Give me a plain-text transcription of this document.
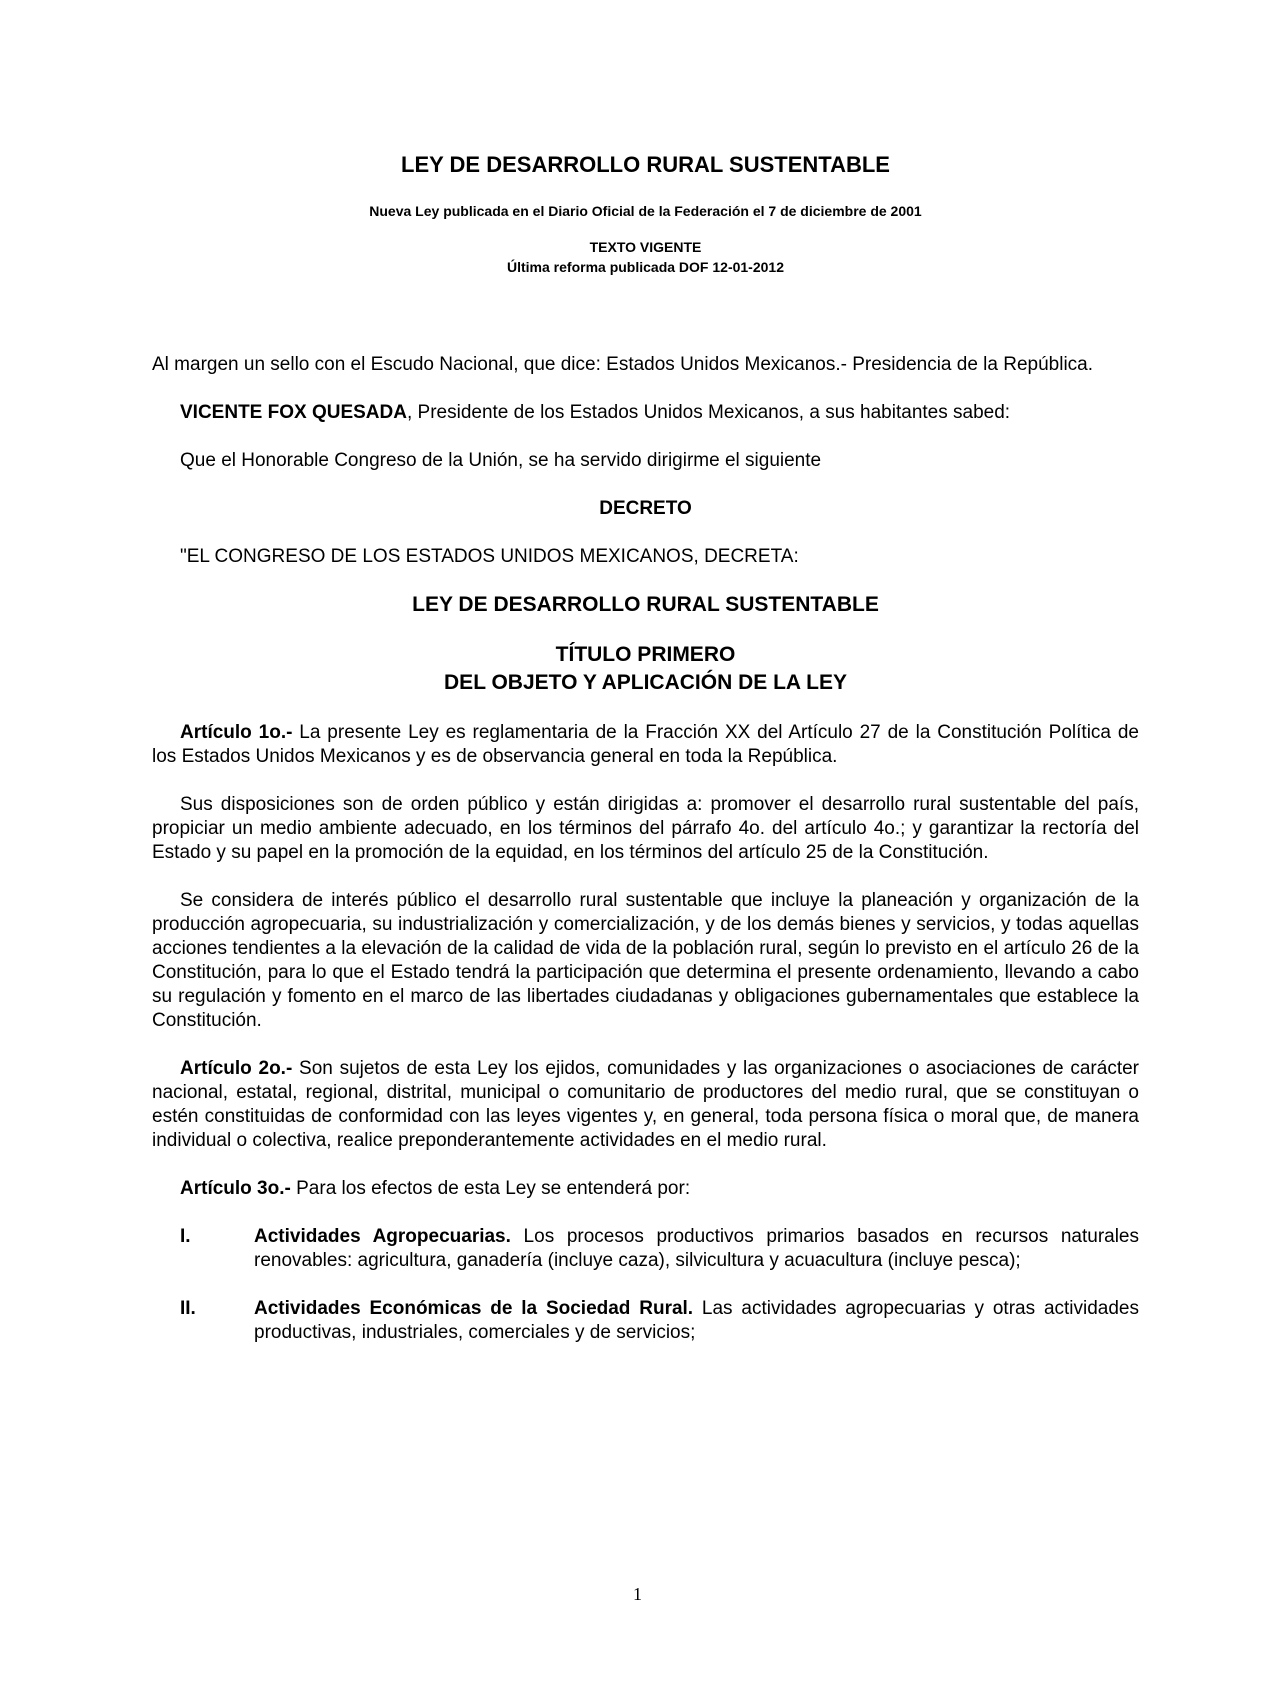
LEY DE DESARROLLO RURAL SUSTENTABLE
Nueva Ley publicada en el Diario Oficial de la Federación el 7 de diciembre de 2001
TEXTO VIGENTE
Última reforma publicada DOF 12-01-2012

Al margen un sello con el Escudo Nacional, que dice: Estados Unidos Mexicanos.- Presidencia de la República.

VICENTE FOX QUESADA, Presidente de los Estados Unidos Mexicanos, a sus habitantes sabed:

Que el Honorable Congreso de la Unión, se ha servido dirigirme el siguiente

DECRETO

"EL CONGRESO DE LOS ESTADOS UNIDOS MEXICANOS, DECRETA:

LEY DE DESARROLLO RURAL SUSTENTABLE
TÍTULO PRIMERO
DEL OBJETO Y APLICACIÓN DE LA LEY

Artículo 1o.- La presente Ley es reglamentaria de la Fracción XX del Artículo 27 de la Constitución Política de los Estados Unidos Mexicanos y es de observancia general en toda la República.

Sus disposiciones son de orden público y están dirigidas a: promover el desarrollo rural sustentable del país, propiciar un medio ambiente adecuado, en los términos del párrafo 4o. del artículo 4o.; y garantizar la rectoría del Estado y su papel en la promoción de la equidad, en los términos del artículo 25 de la Constitución.

Se considera de interés público el desarrollo rural sustentable que incluye la planeación y organización de la producción agropecuaria, su industrialización y comercialización, y de los demás bienes y servicios, y todas aquellas acciones tendientes a la elevación de la calidad de vida de la población rural, según lo previsto en el artículo 26 de la Constitución, para lo que el Estado tendrá la participación que determina el presente ordenamiento, llevando a cabo su regulación y fomento en el marco de las libertades ciudadanas y obligaciones gubernamentales que establece la Constitución.

Artículo 2o.- Son sujetos de esta Ley los ejidos, comunidades y las organizaciones o asociaciones de carácter nacional, estatal, regional, distrital, municipal o comunitario de productores del medio rural, que se constituyan o estén constituidas de conformidad con las leyes vigentes y, en general, toda persona física o moral que, de manera individual o colectiva, realice preponderantemente actividades en el medio rural.

Artículo 3o.- Para los efectos de esta Ley se entenderá por:

I.	Actividades Agropecuarias. Los procesos productivos primarios basados en recursos naturales renovables: agricultura, ganadería (incluye caza), silvicultura y acuacultura (incluye pesca);
II.	Actividades Económicas de la Sociedad Rural. Las actividades agropecuarias y otras actividades productivas, industriales, comerciales y de servicios;
1
